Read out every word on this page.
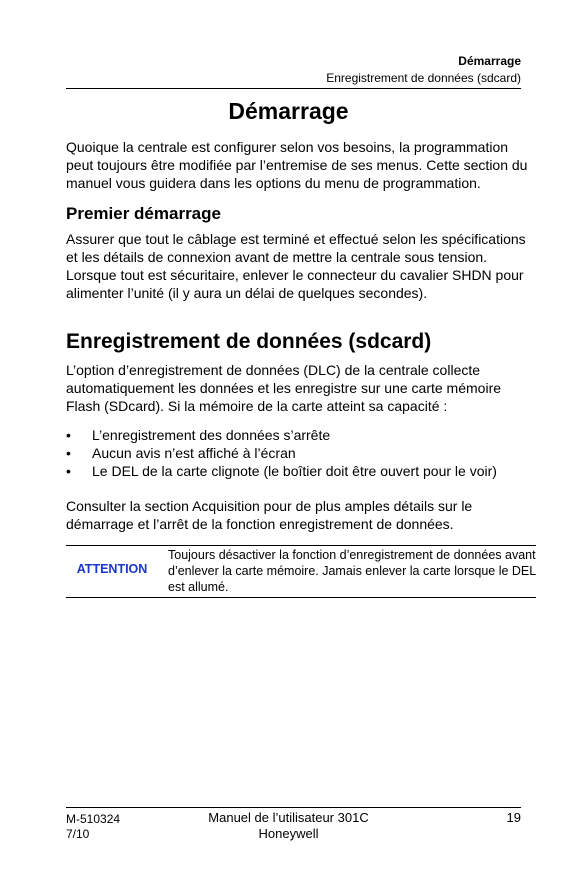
Démarrage
Enregistrement de données (sdcard)
Démarrage

Quoique la centrale est configurer selon vos besoins, la programmation peut toujours être modifiée par l’entremise de ses menus. Cette section du manuel vous guidera dans les options du menu de programmation.

Premier démarrage

Assurer que tout le câblage est terminé et effectué selon les spécifications et les détails de connexion avant de mettre la centrale sous tension. Lorsque tout est sécuritaire, enlever le connecteur du cavalier SHDN pour alimenter l’unité (il y aura un délai de quelques secondes).

Enregistrement de données (sdcard)

L’option d’enregistrement de données (DLC) de la centrale collecte automatiquement les données et les enregistre sur une carte mémoire Flash (SDcard). Si la mémoire de la carte atteint sa capacité :

• L’enregistrement des données s’arrête
• Aucun avis n’est affiché à l’écran
• Le DEL de la carte clignote (le boîtier doit être ouvert pour le voir)

Consulter la section Acquisition pour de plus amples détails sur le démarrage et l’arrêt de la fonction enregistrement de données.

ATTENTION

Toujours désactiver la fonction d’enregistrement de données avant d’enlever la carte mémoire. Jamais enlever la carte lorsque le DEL est allumé.

M-510324
7/10
Manuel de l’utilisateur 301C
Honeywell
19
